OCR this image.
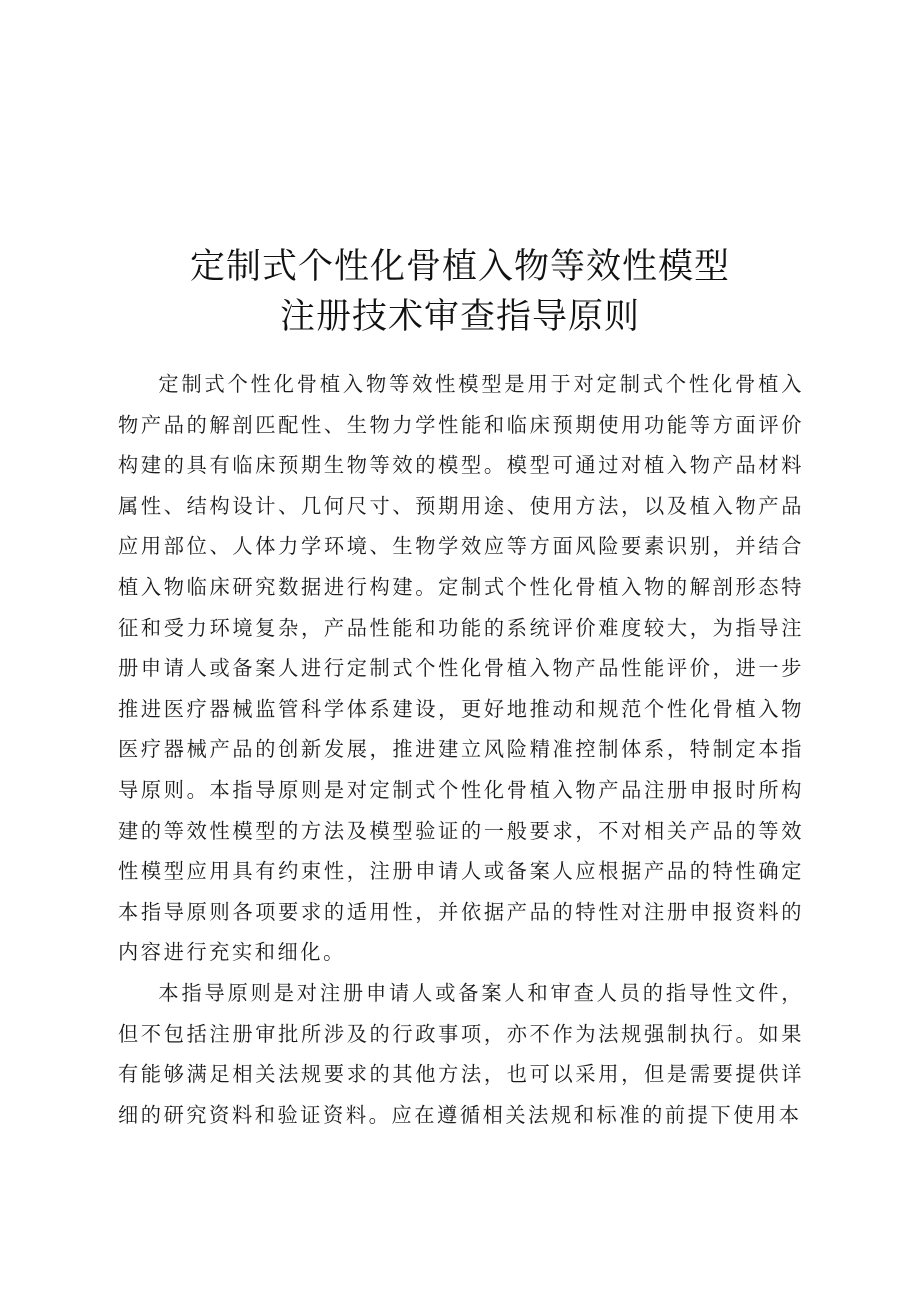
定制式个性化骨植入物等效性模型
注册技术审查指导原则

定制式个性化骨植入物等效性模型是用于对定制式个性化骨植入物产品的解剖匹配性、生物力学性能和临床预期使用功能等方面评价构建的具有临床预期生物等效的模型。模型可通过对植入物产品材料属性、结构设计、几何尺寸、预期用途、使用方法，以及植入物产品应用部位、人体力学环境、生物学效应等方面风险要素识别，并结合植入物临床研究数据进行构建。定制式个性化骨植入物的解剖形态特征和受力环境复杂，产品性能和功能的系统评价难度较大，为指导注册申请人或备案人进行定制式个性化骨植入物产品性能评价，进一步推进医疗器械监管科学体系建设，更好地推动和规范个性化骨植入物医疗器械产品的创新发展，推进建立风险精准控制体系，特制定本指导原则。本指导原则是对定制式个性化骨植入物产品注册申报时所构建的等效性模型的方法及模型验证的一般要求，不对相关产品的等效性模型应用具有约束性，注册申请人或备案人应根据产品的特性确定本指导原则各项要求的适用性，并依据产品的特性对注册申报资料的内容进行充实和细化。

本指导原则是对注册申请人或备案人和审查人员的指导性文件，但不包括注册审批所涉及的行政事项，亦不作为法规强制执行。如果有能够满足相关法规要求的其他方法，也可以采用，但是需要提供详细的研究资料和验证资料。应在遵循相关法规和标准的前提下使用本
